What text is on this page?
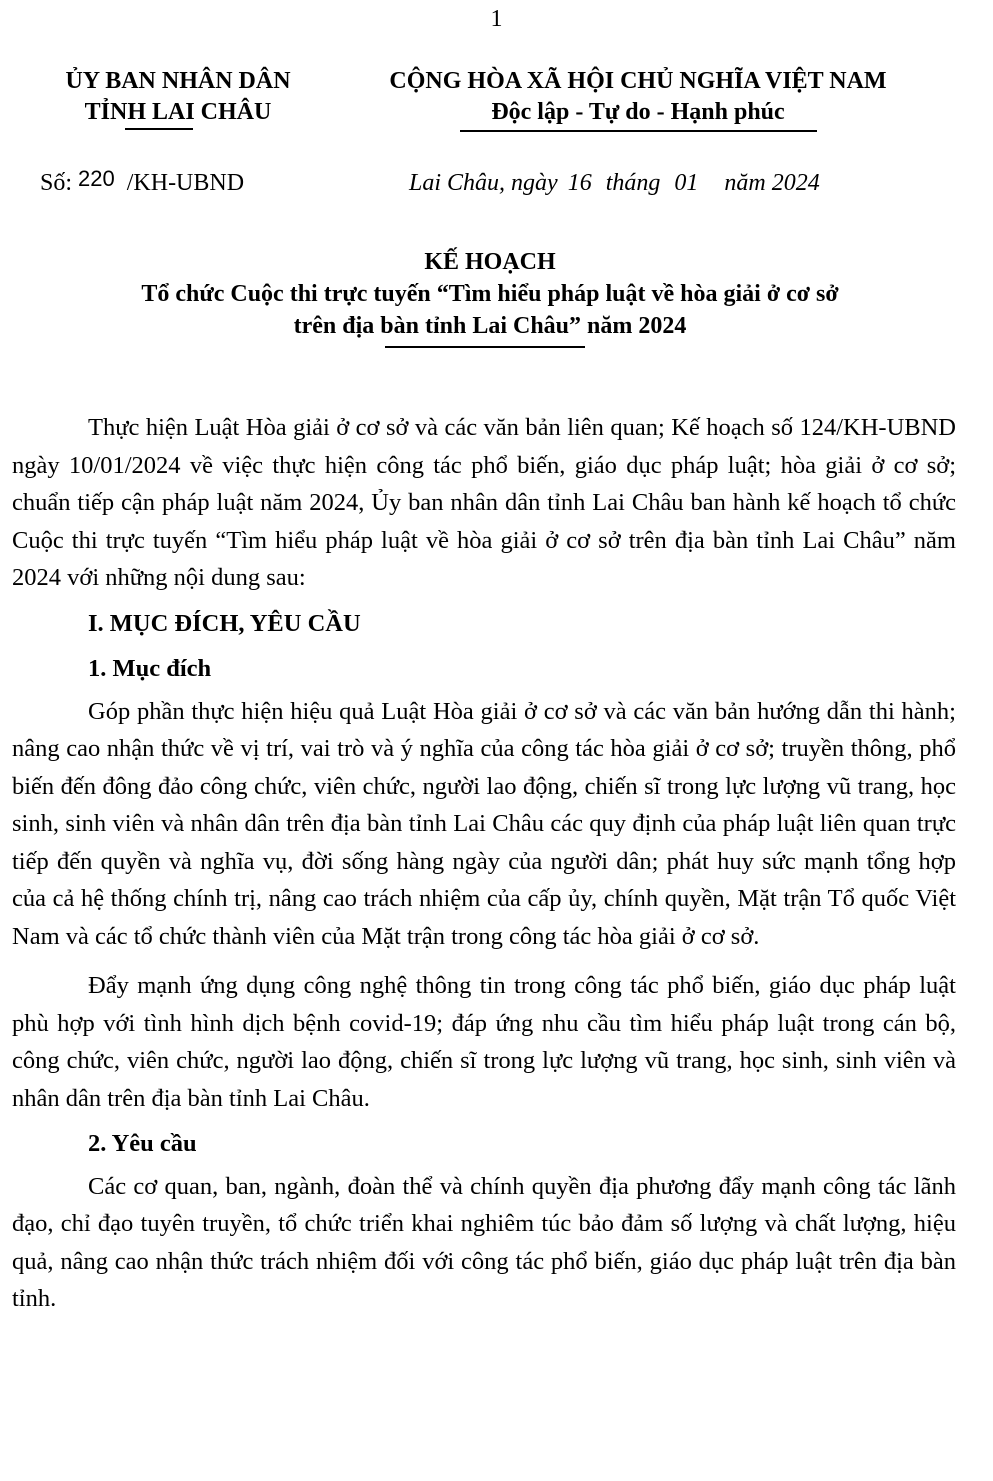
1
ỦY BAN NHÂN DÂN
TỈNH LAI CHÂU
CỘNG HÒA XÃ HỘI CHỦ NGHĨA VIỆT NAM
Độc lập - Tự do - Hạnh phúc
Số: 220 /KH-UBND	Lai Châu, ngày 16 tháng 01 năm 2024
KẾ HOẠCH
Tổ chức Cuộc thi trực tuyến “Tìm hiểu pháp luật về hòa giải ở cơ sở
trên địa bàn tỉnh Lai Châu” năm 2024

Thực hiện Luật Hòa giải ở cơ sở và các văn bản liên quan; Kế hoạch số 124/KH-UBND ngày 10/01/2024 về việc thực hiện công tác phổ biến, giáo dục pháp luật; hòa giải ở cơ sở; chuẩn tiếp cận pháp luật năm 2024, Ủy ban nhân dân tỉnh Lai Châu ban hành kế hoạch tổ chức Cuộc thi trực tuyến “Tìm hiểu pháp luật về hòa giải ở cơ sở trên địa bàn tỉnh Lai Châu” năm 2024 với những nội dung sau:

I. MỤC ĐÍCH, YÊU CẦU
1. Mục đích

Góp phần thực hiện hiệu quả Luật Hòa giải ở cơ sở và các văn bản hướng dẫn thi hành; nâng cao nhận thức về vị trí, vai trò và ý nghĩa của công tác hòa giải ở cơ sở; truyền thông, phổ biến đến đông đảo công chức, viên chức, người lao động, chiến sĩ trong lực lượng vũ trang, học sinh, sinh viên và nhân dân trên địa bàn tỉnh Lai Châu các quy định của pháp luật liên quan trực tiếp đến quyền và nghĩa vụ, đời sống hàng ngày của người dân; phát huy sức mạnh tổng hợp của cả hệ thống chính trị, nâng cao trách nhiệm của cấp ủy, chính quyền, Mặt trận Tổ quốc Việt Nam và các tổ chức thành viên của Mặt trận trong công tác hòa giải ở cơ sở.

Đẩy mạnh ứng dụng công nghệ thông tin trong công tác phổ biến, giáo dục pháp luật phù hợp với tình hình dịch bệnh covid-19; đáp ứng nhu cầu tìm hiểu pháp luật trong cán bộ, công chức, viên chức, người lao động, chiến sĩ trong lực lượng vũ trang, học sinh, sinh viên và nhân dân trên địa bàn tỉnh Lai Châu.

2. Yêu cầu

Các cơ quan, ban, ngành, đoàn thể và chính quyền địa phương đẩy mạnh công tác lãnh đạo, chỉ đạo tuyên truyền, tổ chức triển khai nghiêm túc bảo đảm số lượng và chất lượng, hiệu quả, nâng cao nhận thức trách nhiệm đối với công tác phổ biến, giáo dục pháp luật trên địa bàn tỉnh.
